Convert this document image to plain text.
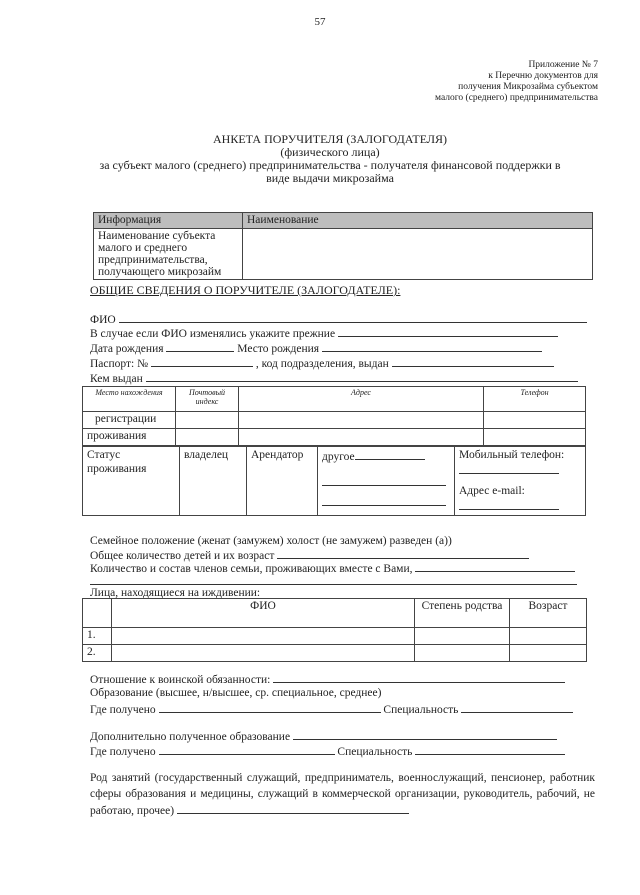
57
Приложение № 7
к Перечню документов для
получения Микрозайма субъектом
малого (среднего) предпринимательства
АНКЕТА ПОРУЧИТЕЛЯ (ЗАЛОГОДАТЕЛЯ)
(физического лица)
за субъект малого (среднего) предпринимательства - получателя финансовой поддержки в
виде выдачи микрозайма
Информация	Наименование
Наименование субъекта малого и среднего предпринимательства, получающего микрозайм	
ОБЩИЕ СВЕДЕНИЯ О ПОРУЧИТЕЛЕ (ЗАЛОГОДАТЕЛЕ):
ФИО
В случае если ФИО изменялись укажите прежние
Дата рождения	Место рождения
Паспорт: №	, код подразделения, выдан
Кем выдан
Место нахождения	Почтовый индекс	Адрес	Телефон
регистрации			
проживания			
Статус проживания	владелец	Арендатор	другое	Мобильный телефон:
Адрес e-mail:
Семейное положение (женат (замужем) холост (не замужем) разведен (а))
Общее количество детей и их возраст
Количество и состав членов семьи, проживающих вместе с Вами,
Лица, находящиеся на иждивении:
	ФИО	Степень родства	Возраст
1.			
2.			
Отношение к воинской обязанности:
Образование (высшее, н/высшее, ср. специальное, среднее)
Где получено	Специальность
Дополнительно полученное образование
Где получено	Специальность
Род занятий (государственный служащий, предприниматель, военнослужащий, пенсионер, работник сферы образования и медицины, служащий в коммерческой организации, руководитель, рабочий, не работаю, прочее)
